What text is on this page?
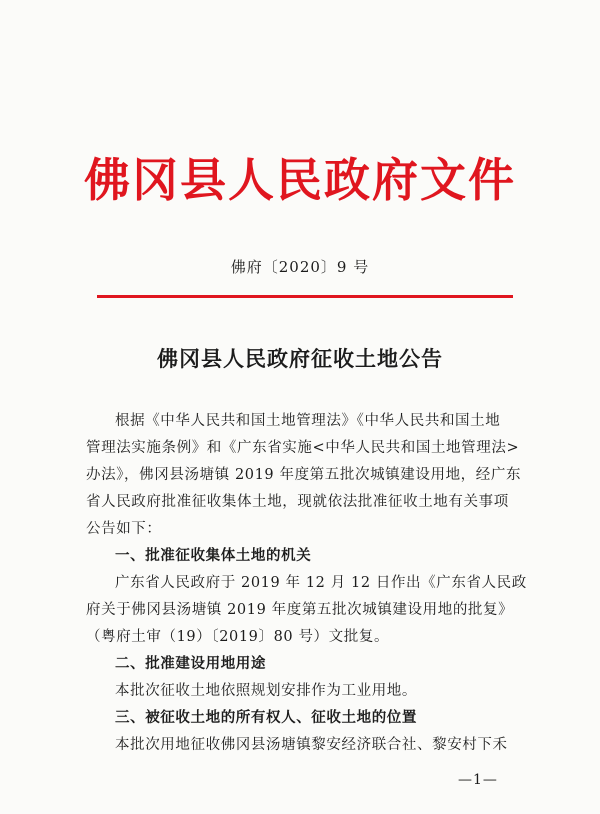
佛冈县人民政府文件
佛府〔2020〕9 号
佛冈县人民政府征收土地公告
根据《中华人民共和国土地管理法》《中华人民共和国土地
管理法实施条例》和《广东省实施<中华人民共和国土地管理法>
办法》，佛冈县汤塘镇 2019 年度第五批次城镇建设用地，经广东
省人民政府批准征收集体土地，现就依法批准征收土地有关事项
公告如下：
一、批准征收集体土地的机关
广东省人民政府于 2019 年 12 月 12 日作出《广东省人民政
府关于佛冈县汤塘镇 2019 年度第五批次城镇建设用地的批复》
（粤府土审（19）〔2019〕80 号）文批复。
二、批准建设用地用途
本批次征收土地依照规划安排作为工业用地。
三、被征收土地的所有权人、征收土地的位置
本批次用地征收佛冈县汤塘镇黎安经济联合社、黎安村下禾
—1—
